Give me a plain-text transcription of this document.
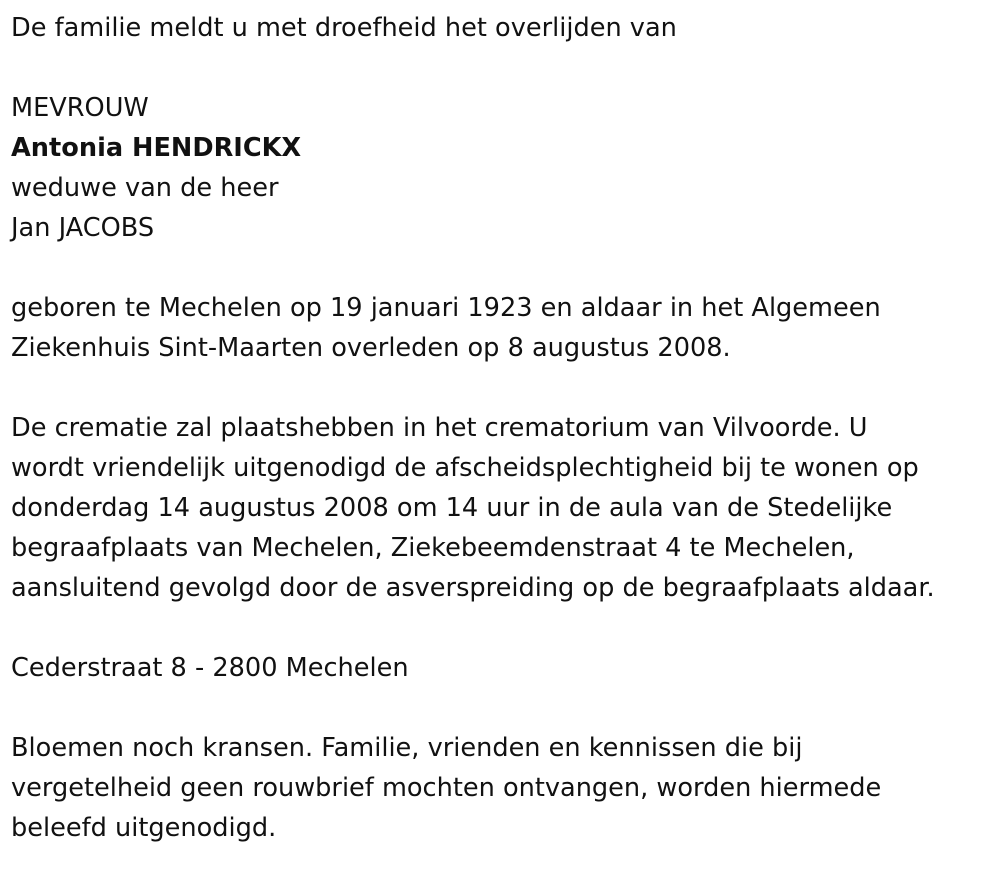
De familie meldt u met droefheid het overlijden van
MEVROUW
Antonia HENDRICKX
weduwe van de heer
Jan JACOBS
geboren te Mechelen op 19 januari 1923 en aldaar in het Algemeen
Ziekenhuis Sint-Maarten overleden op 8 augustus 2008.
De crematie zal plaatshebben in het crematorium van Vilvoorde. U
wordt vriendelijk uitgenodigd de afscheidsplechtigheid bij te wonen op
donderdag 14 augustus 2008 om 14 uur in de aula van de Stedelijke
begraafplaats van Mechelen, Ziekebeemdenstraat 4 te Mechelen,
aansluitend gevolgd door de asverspreiding op de begraafplaats aldaar.
Cederstraat 8 - 2800 Mechelen
Bloemen noch kransen. Familie, vrienden en kennissen die bij
vergetelheid geen rouwbrief mochten ontvangen, worden hiermede
beleefd uitgenodigd.
